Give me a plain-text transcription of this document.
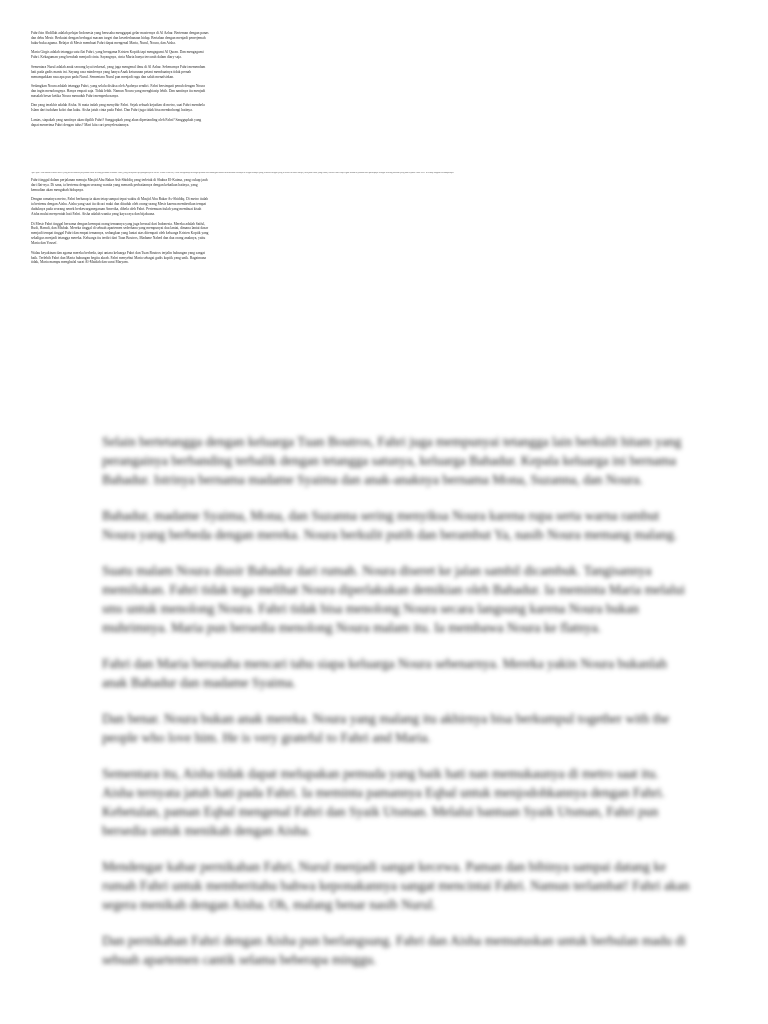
Fahri bin Abdillah adalah pelajar Indonesia yang berusaha menggapai gelar masternya di Al Azhar. Berteman dengan panas dan debu Mesir. Berkutat dengan berbagai macam target dan kesederhanaan hidup. Bertahan dengan menjadi penerjemah buku-buku agama. Belajar di Mesir membuat Fahri dapat mengenal Maria, Nurul, Noura, dan Aisha.

Maria Girgis adalah tetangga satu flat Fahri, yang beragama Kristen Koptik tapi mengagumi Al Quran. Dan mengagumi Fahri. Kekaguman yang berubah menjadi cinta. Sayangnya, cinta Maria hanya tercurah dalam diary saja.

Sementara Nurul adalah anak seorang kyai terkenal, yang juga mengenal ilmu di Al Azhar. Sebenarnya Fahri memendam hati pada gadis manis ini. Sayang rasa mindernya yang hanya Anak keturunan petani membuatnya tidak pernah menampakkan rasa apa pun pada Nurul. Sementara Nurul pun menjadi ragu dan salah menafsirkan.

Sedangkan Noura adalah tetangga Fahri, yang selalu disiksa oleh Ayahnya sendiri. Fahri bersimpati penuh dengan Noura dan ingin menolongnya. Hanya empati saja. Tidak lebih. Namun Noura yang menghiasip lebih. Dan nantinya itu menjadi masalah besar ketika Noura menuduh Fahri memperkosanya.

Dan yang terakhir adalah Aisha. Si mata indah yang menyihir Fahri. Sejak sebuah kejadian di metro, saat Fahri membela Islam dari tuduhan kolot dan kaku. Aisha jatuh cinta pada Fahri. Dan Fahri juga tidak bisa membohongi hatinya.

Lantas, siapakah yang nantinya akan dipilih Fahri? Sanggupkah yang akan dipertanding oleh Fahri? Sanggupkah yang dapat menerima Fahri dengan tulus? Mari kita cari penyelesaiannya.

Apa Ayat Cinta adalah sebuah novel yang menceritakan perjalanan cinta seorang pemuda bernama Fahri, yang menyusuri perjuangannya di Mesir. Selain cerita itu, Fahri menghadapi berbagai pilihan dan tantangan dalam menemukan cintanya di tengah budaya yang berbeda dengan yang ia kenal di tanah airnya, menjalin kisah yang indah, walau Fahri tetap teguh dalam keyakinan dan prinsipnya sebagai seorang muslim yang taat kepada Allah SWT di setiap langkah kehidupannya.

Fahri tinggal dalam perjalanan menuju Masjid Abu Bakar Ash-Shiddiq yang terletak di Shubra El-Kaima, yang cukup jauh dari flat-nya. Di sana, ia bertemu dengan seorang wanita yang menarik perhatiannya dengan kebaikan hatinya, yang kemudian akan mengubah hidupnya.

Dengan ramainya metro, Fahri berharap ia akan tetap sampai tepat waktu di Masjid Abu Bakar As-Shiddiq. Di metro itulah ia bertemu dengan Aisha. Aisha yang saat itu dicaci maki dan dituduh oleh orang-orang Mesir karena memberikan tempat duduknya pada seorang nenek berkewarganegaraan Amerika, dibela oleh Fahri. Pertemuan itulah yang membuat kisah Aisha mulai menyentuh hati Fahri. Aisha adalah wanita yang kaya raya dan bijaksana.

Di Mesir Fahri tinggal bersama dengan keempat orang temannya yang juga berasal dari Indonesia. Mereka adalah Saiful, Rudi, Hamdi, dan Misbah. Mereka tinggal di sebuah apartemen sederhana yang mempunyai dua lantai, dimana lantai dasar menjadi tempat tinggal Fahri dan empat temannya, sedangkan yang lantai atas ditempati oleh keluarga Kristen Koptik yang sekaligus menjadi tetangga mereka. Keluarga itu terdiri dari Tuan Boutros, Madame Nahed dan dua orang anaknya, yaitu Maria dan Yousef.

Walau keyakinan dan agama mereka berbeda, tapi antara keluarga Fahri dan Tuan Boutros terjalin hubungan yang sangat baik. Terlebih Fahri dan Maria hubungan begitu akrab. Fahri menyebut Maria sebagai gadis koptik yang unik. Bagaimana tidak, Maria mampu menghafal surat Al-Maidah dan surat Maryam.

Selain bertetangga dengan keluarga Tuan Boutros, Fahri juga mempunyai tetangga lain berkulit hitam yang perangainya berbanding terbalik dengan tetangga satunya, keluarga Bahadur. Kepala keluarga ini bernama Bahadur. Istrinya bernama madame Syaima dan anak-anaknya bernama Mona, Suzanna, dan Noura.

Bahadur, madame Syaima, Mona, dan Suzanna sering menyiksa Noura karena rupa serta warna rambut Noura yang berbeda dengan mereka. Noura berkulit putih dan berambut Ya, nasib Noura memang malang.

Suatu malam Noura diusir Bahadur dari rumah. Noura diseret ke jalan sambil dicambuk. Tangisannya memilukan. Fahri tidak tega melihat Noura diperlakukan demikian oleh Bahadur. Ia meminta Maria melalui sms untuk menolong Noura. Fahri tidak bisa menolong Noura secara langsung karena Noura bukan muhrimnya. Maria pun bersedia menolong Noura malam itu. Ia membawa Noura ke flatnya.

Fahri dan Maria berusaha mencari tahu siapa keluarga Noura sebenarnya. Mereka yakin Noura bukanlah anak Bahadur dan madame Syaima.

Dan benar. Noura bukan anak mereka. Noura yang malang itu akhirnya bisa berkumpul together with the people who love him. He is very grateful to Fahri and Maria.

Sementara itu, Aisha tidak dapat melupakan pemuda yang baik hati nan memukaunya di metro saat itu. Aisha ternyata jatuh hati pada Fahri. Ia meminta pamannya Eqbal untuk menjodohkannya dengan Fahri. Kebetulan, paman Eqbal mengenal Fahri dan Syaik Utsman. Melalui bantuan Syaik Utsman, Fahri pun bersedia untuk menikah dengan Aisha.

Mendengar kabar pernikahan Fahri, Nurul menjadi sangat kecewa. Paman dan bibinya sampai datang ke rumah Fahri untuk memberitahu bahwa keponakannya sangat mencintai Fahri. Namun terlambat! Fahri akan segera menikah dengan Aisha. Oh, malang benar nasib Nurul.

Dan pernikahan Fahri dengan Aisha pun berlangsung. Fahri dan Aisha memutuskan untuk berbulan madu di sebuah apartemen cantik selama beberapa minggu.
